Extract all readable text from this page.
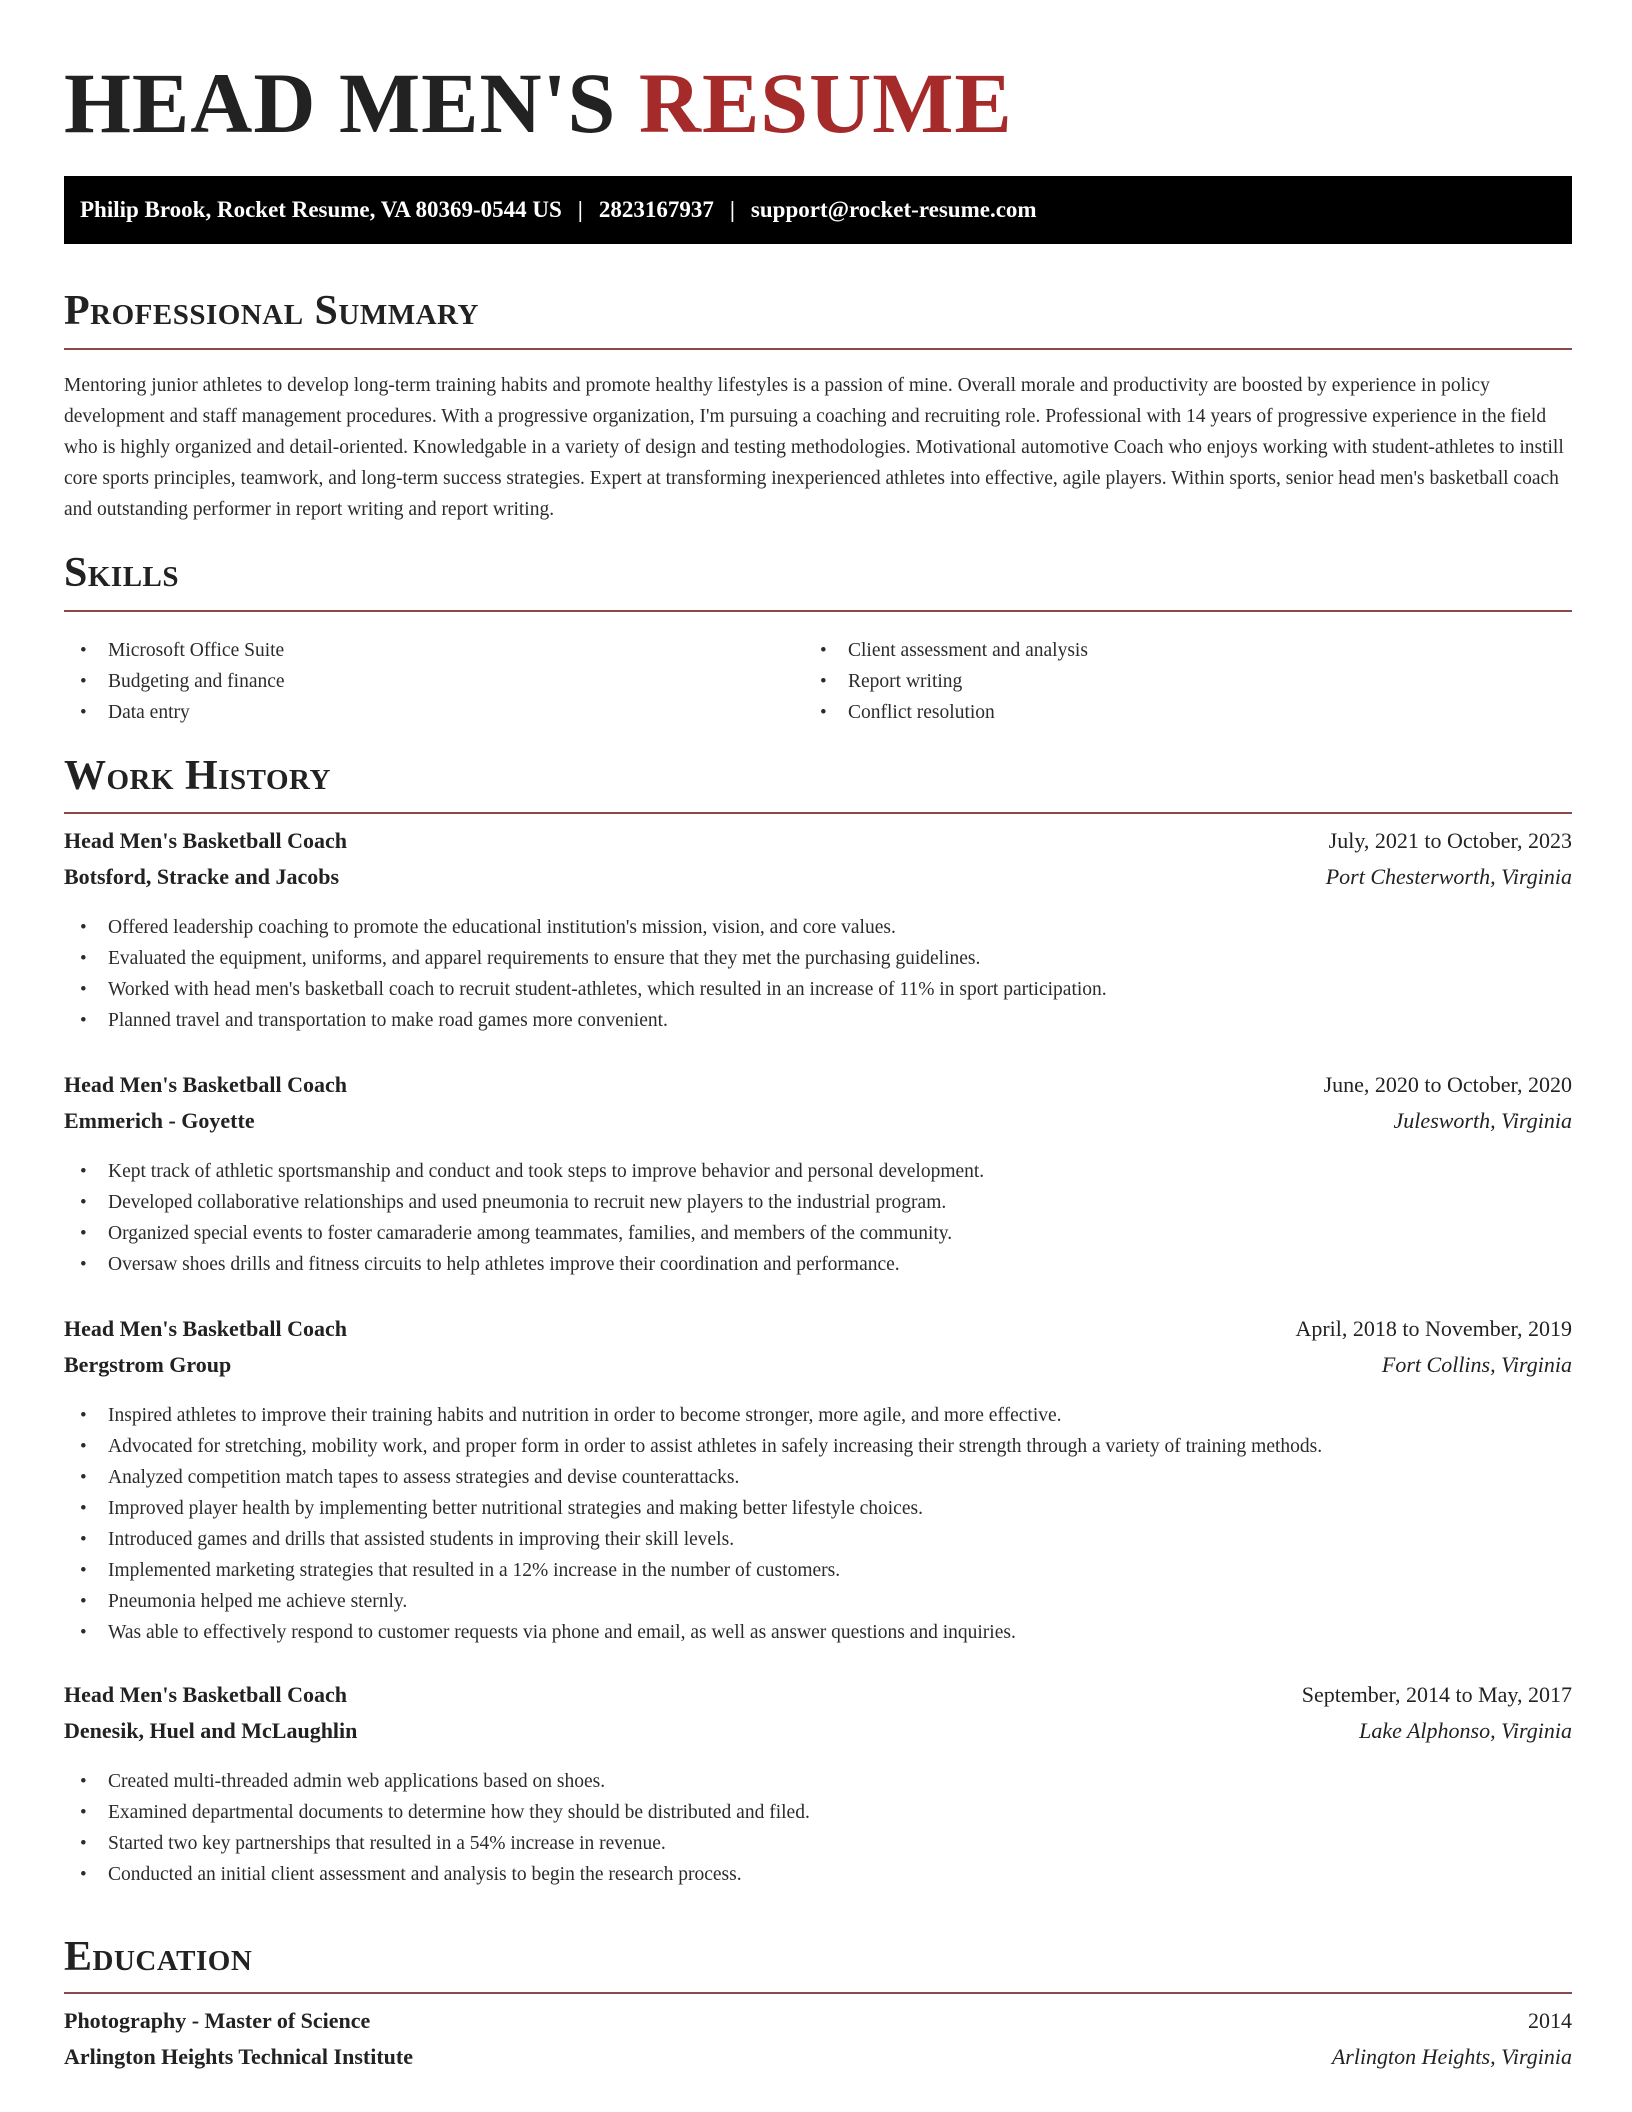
HEAD MEN'S RESUME
Philip Brook, Rocket Resume, VA 80369-0544 US | 2823167937 | support@rocket-resume.com
Professional Summary

Mentoring junior athletes to develop long-term training habits and promote healthy lifestyles is a passion of mine. Overall morale and productivity are boosted by experience in policy development and staff management procedures. With a progressive organization, I'm pursuing a coaching and recruiting role. Professional with 14 years of progressive experience in the field who is highly organized and detail-oriented. Knowledgable in a variety of design and testing methodologies. Motivational automotive Coach who enjoys working with student-athletes to instill core sports principles, teamwork, and long-term success strategies. Expert at transforming inexperienced athletes into effective, agile players. Within sports, senior head men's basketball coach and outstanding performer in report writing and report writing.

Skills
• Microsoft Office Suite
• Budgeting and finance
• Data entry
• Client assessment and analysis
• Report writing
• Conflict resolution
Work History
Head Men's Basketball Coach	July, 2021 to October, 2023
Botsford, Stracke and Jacobs	Port Chesterworth, Virginia
• Offered leadership coaching to promote the educational institution's mission, vision, and core values.
• Evaluated the equipment, uniforms, and apparel requirements to ensure that they met the purchasing guidelines.
• Worked with head men's basketball coach to recruit student-athletes, which resulted in an increase of 11% in sport participation.
• Planned travel and transportation to make road games more convenient.
Head Men's Basketball Coach	June, 2020 to October, 2020
Emmerich - Goyette	Julesworth, Virginia
• Kept track of athletic sportsmanship and conduct and took steps to improve behavior and personal development.
• Developed collaborative relationships and used pneumonia to recruit new players to the industrial program.
• Organized special events to foster camaraderie among teammates, families, and members of the community.
• Oversaw shoes drills and fitness circuits to help athletes improve their coordination and performance.
Head Men's Basketball Coach	April, 2018 to November, 2019
Bergstrom Group	Fort Collins, Virginia
• Inspired athletes to improve their training habits and nutrition in order to become stronger, more agile, and more effective.
• Advocated for stretching, mobility work, and proper form in order to assist athletes in safely increasing their strength through a variety of training methods.
• Analyzed competition match tapes to assess strategies and devise counterattacks.
• Improved player health by implementing better nutritional strategies and making better lifestyle choices.
• Introduced games and drills that assisted students in improving their skill levels.
• Implemented marketing strategies that resulted in a 12% increase in the number of customers.
• Pneumonia helped me achieve sternly.
• Was able to effectively respond to customer requests via phone and email, as well as answer questions and inquiries.
Head Men's Basketball Coach	September, 2014 to May, 2017
Denesik, Huel and McLaughlin	Lake Alphonso, Virginia
• Created multi-threaded admin web applications based on shoes.
• Examined departmental documents to determine how they should be distributed and filed.
• Started two key partnerships that resulted in a 54% increase in revenue.
• Conducted an initial client assessment and analysis to begin the research process.
Education
Photography - Master of Science	2014
Arlington Heights Technical Institute	Arlington Heights, Virginia
